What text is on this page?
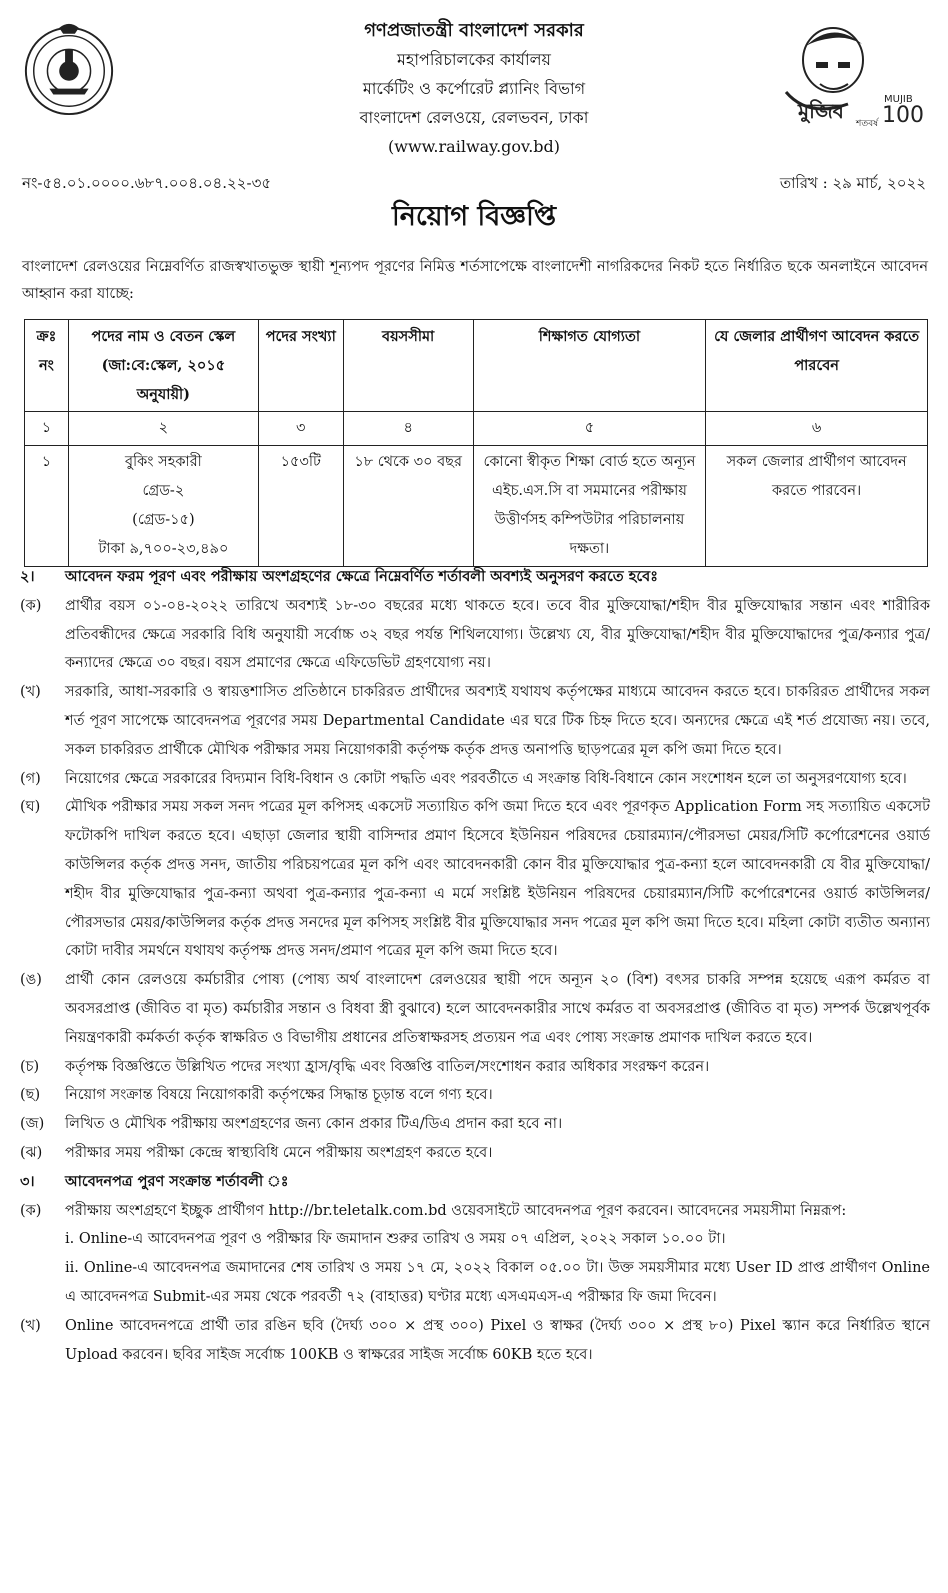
গণপ্রজাতন্ত্রী বাংলাদেশ সরকার
মহাপরিচালকের কার্যালয়
মার্কেটিং ও কর্পোরেট প্ল্যানিং বিভাগ
বাংলাদেশ রেলওয়ে, রেলভবন, ঢাকা
(www.railway.gov.bd)
মুজিব
শতবর্ষ
MUJIB
100
নং-৫৪.০১.০০০০.৬৮৭.০০৪.০৪.২২-৩৫	তারিখ : ২৯ মার্চ, ২০২২
নিয়োগ বিজ্ঞপ্তি
বাংলাদেশ রেলওয়ের নিম্নেবর্ণিত রাজস্বখাতভুক্ত স্থায়ী শূন্যপদ পূরণের নিমিত্ত শর্তসাপেক্ষে বাংলাদেশী নাগরিকদের নিকট হতে নির্ধারিত ছকে অনলাইনে আবেদন আহ্বান করা যাচ্ছে:
ক্রঃ নং	পদের নাম ও বেতন স্কেল (জা:বে:স্কেল, ২০১৫ অনুযায়ী)	পদের সংখ্যা	বয়সসীমা	শিক্ষাগত যোগ্যতা	যে জেলার প্রার্থীগণ আবেদন করতে পারবেন
১	২	৩	৪	৫	৬
১	বুকিং সহকারী
গ্রেড-২
(গ্রেড-১৫)
টাকা ৯,৭০০-২৩,৪৯০	১৫৩টি	১৮ থেকে ৩০ বছর	কোনো স্বীকৃত শিক্ষা বোর্ড হতে অন্যূন এইচ.এস.সি বা সমমানের পরীক্ষায় উত্তীর্ণসহ কম্পিউটার পরিচালনায় দক্ষতা।	সকল জেলার প্রার্থীগণ আবেদন করতে পারবেন।
২। আবেদন ফরম পূরণ এবং পরীক্ষায় অংশগ্রহণের ক্ষেত্রে নিম্নেবর্ণিত শর্তাবলী অবশ্যই অনুসরণ করতে হবেঃ
(ক) প্রার্থীর বয়স ০১-০৪-২০২২ তারিখে অবশ্যই ১৮-৩০ বছরের মধ্যে থাকতে হবে। তবে বীর মুক্তিযোদ্ধা/শহীদ বীর মুক্তিযোদ্ধার সন্তান এবং শারীরিক প্রতিবন্ধীদের ক্ষেত্রে সরকারি বিধি অনুযায়ী সর্বোচ্চ ৩২ বছর পর্যন্ত শিথিলযোগ্য। উল্লেখ্য যে, বীর মুক্তিযোদ্ধা/শহীদ বীর মুক্তিযোদ্ধাদের পুত্র/কন্যার পুত্র/কন্যাদের ক্ষেত্রে ৩০ বছর। বয়স প্রমাণের ক্ষেত্রে এফিডেভিট গ্রহণযোগ্য নয়।
(খ) সরকারি, আধা-সরকারি ও স্বায়ত্তশাসিত প্রতিষ্ঠানে চাকরিরত প্রার্থীদের অবশ্যই যথাযথ কর্তৃপক্ষের মাধ্যমে আবেদন করতে হবে। চাকরিরত প্রার্থীদের সকল শর্ত পূরণ সাপেক্ষে আবেদনপত্র পূরণের সময় Departmental Candidate এর ঘরে টিক চিহ্ন দিতে হবে। অন্যদের ক্ষেত্রে এই শর্ত প্রযোজ্য নয়। তবে, সকল চাকরিরত প্রার্থীকে মৌখিক পরীক্ষার সময় নিয়োগকারী কর্তৃপক্ষ কর্তৃক প্রদত্ত অনাপত্তি ছাড়পত্রের মূল কপি জমা দিতে হবে।
(গ) নিয়োগের ক্ষেত্রে সরকারের বিদ্যমান বিধি-বিধান ও কোটা পদ্ধতি এবং পরবর্তীতে এ সংক্রান্ত বিধি-বিধানে কোন সংশোধন হলে তা অনুসরণযোগ্য হবে।
(ঘ) মৌখিক পরীক্ষার সময় সকল সনদ পত্রের মূল কপিসহ একসেট সত্যায়িত কপি জমা দিতে হবে এবং পূরণকৃত Application Form সহ সত্যায়িত একসেট ফটোকপি দাখিল করতে হবে। এছাড়া জেলার স্থায়ী বাসিন্দার প্রমাণ হিসেবে ইউনিয়ন পরিষদের চেয়ারম্যান/পৌরসভা মেয়র/সিটি কর্পোরেশনের ওয়ার্ড কাউন্সিলর কর্তৃক প্রদত্ত সনদ, জাতীয় পরিচয়পত্রের মূল কপি এবং আবেদনকারী কোন বীর মুক্তিযোদ্ধার পুত্র-কন্যা হলে আবেদনকারী যে বীর মুক্তিযোদ্ধা/শহীদ বীর মুক্তিযোদ্ধার পুত্র-কন্যা অথবা পুত্র-কন্যার পুত্র-কন্যা এ মর্মে সংশ্লিষ্ট ইউনিয়ন পরিষদের চেয়ারম্যান/সিটি কর্পোরেশনের ওয়ার্ড কাউন্সিলর/পৌরসভার মেয়র/কাউন্সিলর কর্তৃক প্রদত্ত সনদের মূল কপিসহ সংশ্লিষ্ট বীর মুক্তিযোদ্ধার সনদ পত্রের মূল কপি জমা দিতে হবে। মহিলা কোটা ব্যতীত অন্যান্য কোটা দাবীর সমর্থনে যথাযথ কর্তৃপক্ষ প্রদত্ত সনদ/প্রমাণ পত্রের মূল কপি জমা দিতে হবে।
(ঙ) প্রার্থী কোন রেলওয়ে কর্মচারীর পোষ্য (পোষ্য অর্থ বাংলাদেশ রেলওয়ের স্থায়ী পদে অন্যূন ২০ (বিশ) বৎসর চাকরি সম্পন্ন হয়েছে এরূপ কর্মরত বা অবসরপ্রাপ্ত (জীবিত বা মৃত) কর্মচারীর সন্তান ও বিধবা স্ত্রী বুঝাবে) হলে আবেদনকারীর সাথে কর্মরত বা অবসরপ্রাপ্ত (জীবিত বা মৃত) সম্পর্ক উল্লেখপূর্বক নিয়ন্ত্রণকারী কর্মকর্তা কর্তৃক স্বাক্ষরিত ও বিভাগীয় প্রধানের প্রতিস্বাক্ষরসহ প্রত্যয়ন পত্র এবং পোষ্য সংক্রান্ত প্রমাণক দাখিল করতে হবে।
(চ) কর্তৃপক্ষ বিজ্ঞপ্তিতে উল্লিখিত পদের সংখ্যা হ্রাস/বৃদ্ধি এবং বিজ্ঞপ্তি বাতিল/সংশোধন করার অধিকার সংরক্ষণ করেন।
(ছ) নিয়োগ সংক্রান্ত বিষয়ে নিয়োগকারী কর্তৃপক্ষের সিদ্ধান্ত চূড়ান্ত বলে গণ্য হবে।
(জ) লিখিত ও মৌখিক পরীক্ষায় অংশগ্রহণের জন্য কোন প্রকার টিএ/ডিএ প্রদান করা হবে না।
(ঝ) পরীক্ষার সময় পরীক্ষা কেন্দ্রে স্বাস্থ্যবিধি মেনে পরীক্ষায় অংশগ্রহণ করতে হবে।
৩। আবেদনপত্র পুরণ সংক্রান্ত শর্তাবলী ঃ
(ক) পরীক্ষায় অংশগ্রহণে ইচ্ছুক প্রার্থীগণ http://br.teletalk.com.bd ওয়েবসাইটে আবেদনপত্র পূরণ করবেন। আবেদনের সময়সীমা নিম্নরূপ:
i. Online-এ আবেদনপত্র পূরণ ও পরীক্ষার ফি জমাদান শুরুর তারিখ ও সময় ০৭ এপ্রিল, ২০২২ সকাল ১০.০০ টা।
ii. Online-এ আবেদনপত্র জমাদানের শেষ তারিখ ও সময় ১৭ মে, ২০২২ বিকাল ০৫.০০ টা। উক্ত সময়সীমার মধ্যে User ID প্রাপ্ত প্রার্থীগণ Online এ আবেদনপত্র Submit-এর সময় থেকে পরবর্তী ৭২ (বাহাত্তর) ঘণ্টার মধ্যে এসএমএস-এ পরীক্ষার ফি জমা দিবেন।
(খ) Online আবেদনপত্রে প্রার্থী তার রঙিন ছবি (দৈর্ঘ্য ৩০০ × প্রস্থ ৩০০) Pixel ও স্বাক্ষর (দৈর্ঘ্য ৩০০ × প্রস্থ ৮০) Pixel স্ক্যান করে নির্ধারিত স্থানে Upload করবেন। ছবির সাইজ সর্বোচ্চ 100KB ও স্বাক্ষরের সাইজ সর্বোচ্চ 60KB হতে হবে।
